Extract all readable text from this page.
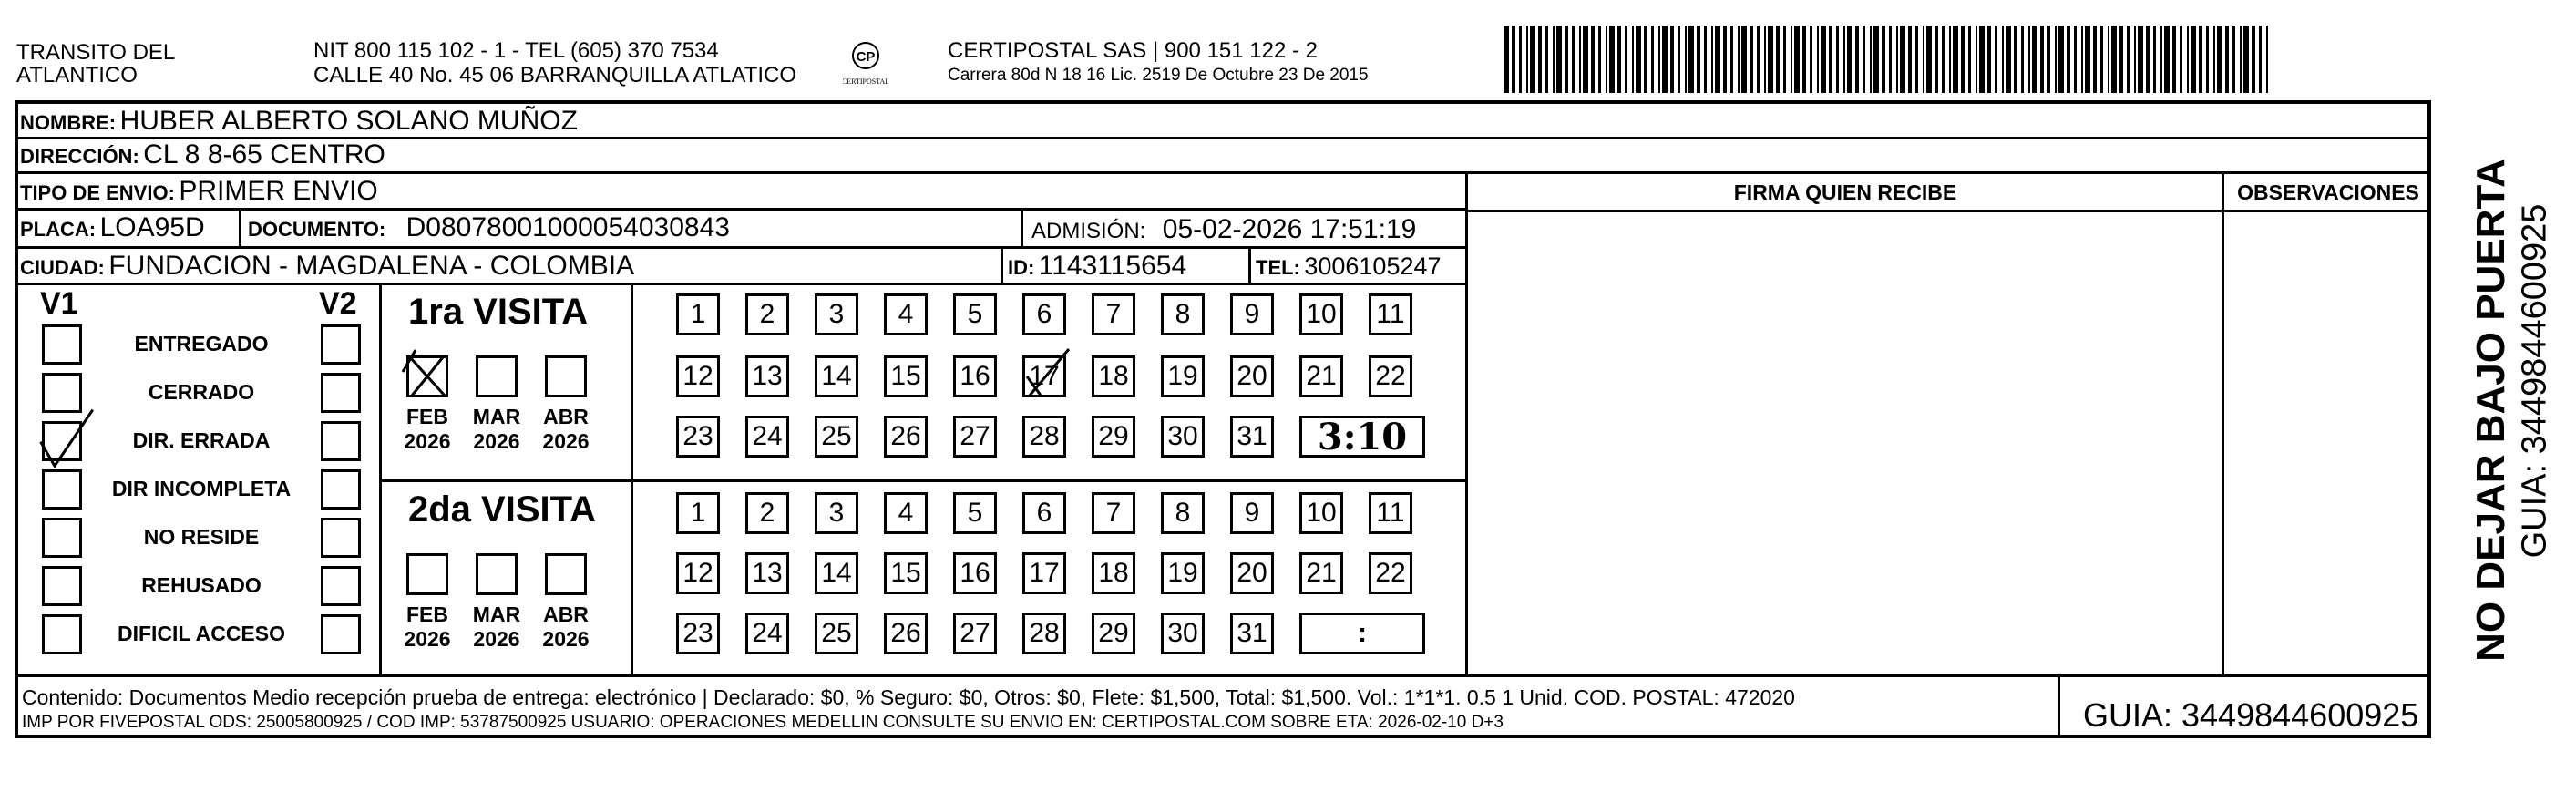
TRANSITO DEL
ATLANTICO
NIT 800 115 102 - 1 - TEL (605) 370 7534
CALLE 40 No. 45 06 BARRANQUILLA ATLATICO
CP
CERTIPOSTAL
CERTIPOSTAL SAS | 900 151 122 - 2
Carrera 80d N 18 16 Lic. 2519 De Octubre 23 De 2015
NOMBRE: HUBER ALBERTO SOLANO MUÑOZ
DIRECCIÓN: CL 8 8-65 CENTRO
TIPO DE ENVIO: PRIMER ENVIO	FIRMA QUIEN RECIBE	OBSERVACIONES
PLACA: LOA95D DOCUMENTO: D08078001000054030843	ADMISIÓN: 05-02-2026 17:51:19
CIUDAD: FUNDACION - MAGDALENA - COLOMBIA	ID: 1143115654	TEL: 3006105247
V1	V2
ENTREGADO
CERRADO
DIR. ERRADA
DIR INCOMPLETA
NO RESIDE
REHUSADO
DIFICIL ACCESO
1ra VISITA
2da VISITA
FEB
2026
MAR
2026
ABR
2026
FEB
2026
MAR
2026
ABR
2026
1	2	3	4	5	6	7	8	9	10 11
12 13 14 15 16 17 18 19 20 21 22
23 24 25 26 27 28 29 30 31	3:10
1	2	3	4	5	6	7	8	9	10 11
12 13 14 15 16 17 18 19 20 21 22
23 24 25 26 27 28 29 30 31	:
Contenido: Documentos Medio recepción prueba de entrega: electrónico | Declarado: $0, % Seguro: $0, Otros: $0, Flete: $1,500, Total: $1,500. Vol.: 1*1*1. 0.5 1 Unid. COD. POSTAL: 472020
IMP POR FIVEPOSTAL ODS: 25005800925 / COD IMP: 53787500925 USUARIO: OPERACIONES MEDELLIN CONSULTE SU ENVIO EN: CERTIPOSTAL.COM SOBRE ETA: 2026-02-10 D+3	GUIA: 3449844600925
NO DEJAR BAJO PUERTA GUIA: 3449844600925
